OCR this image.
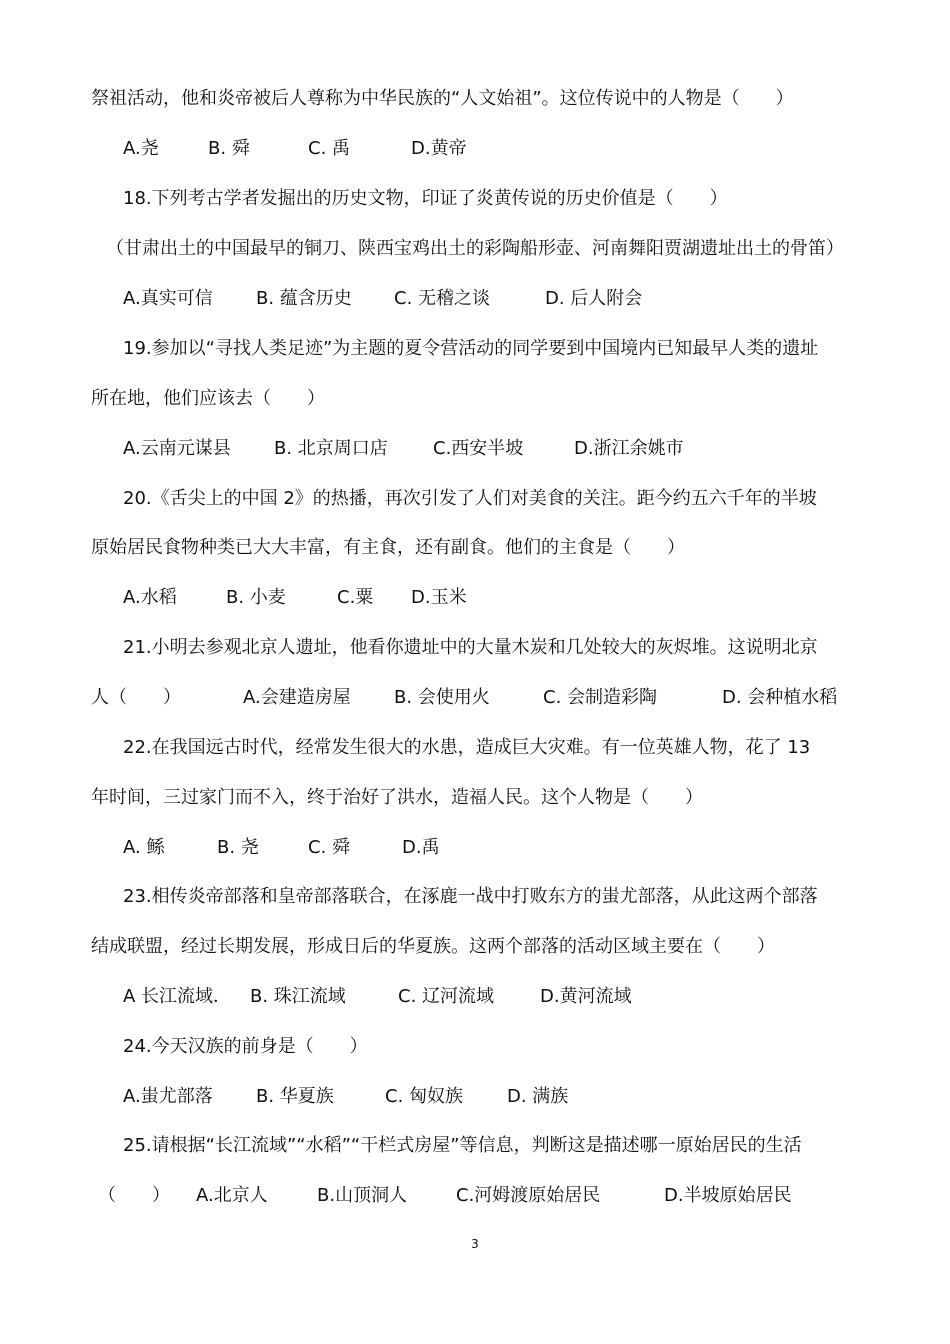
祭祖活动，他和炎帝被后人尊称为中华民族的“人文始祖”。这位传说中的人物是（　　）
A.尧	B. 舜	C. 禹	D.黄帝
18.下列考古学者发掘出的历史文物，印证了炎黄传说的历史价值是（　　）
（甘肃出土的中国最早的铜刀、陕西宝鸡出土的彩陶船形壶、河南舞阳贾湖遗址出土的骨笛）
A.真实可信 B. 蕴含历史 C. 无稽之谈	D. 后人附会
19.参加以“寻找人类足迹”为主题的夏令营活动的同学要到中国境内已知最早人类的遗址
所在地，他们应该去（　　）
A.云南元谋县 B. 北京周口店	C.西安半坡	D.浙江余姚市
20.《舌尖上的中国 2》的热播，再次引发了人们对美食的关注。距今约五六千年的半坡
原始居民食物种类已大大丰富，有主食，还有副食。他们的主食是（　　）
A.水稻	B. 小麦	C.粟 D.玉米
21.小明去参观北京人遗址，他看你遗址中的大量木炭和几处较大的灰烬堆。这说明北京
人（　　）	A.会建造房屋 B. 会使用火	C. 会制造彩陶	D. 会种植水稻
22.在我国远古时代，经常发生很大的水患，造成巨大灾难。有一位英雄人物，花了 13
年时间，三过家门而不入，终于治好了洪水，造福人民。这个人物是（　　）
A. 鲧	B. 尧	C. 舜	D.禹
23.相传炎帝部落和皇帝部落联合，在涿鹿一战中打败东方的蚩尤部落，从此这两个部落
结成联盟，经过长期发展，形成日后的华夏族。这两个部落的活动区域主要在（　　）
A 长江流域． B. 珠江流域	C. 辽河流域	D.黄河流域
24.今天汉族的前身是（　　）
A.蚩尤部落 B. 华夏族	C. 匈奴族 D. 满族
25.请根据“长江流域”“水稻”“干栏式房屋”等信息，判断这是描述哪一原始居民的生活
（　　） A.北京人	B.山顶洞人	C.河姆渡原始居民	D.半坡原始居民
3
